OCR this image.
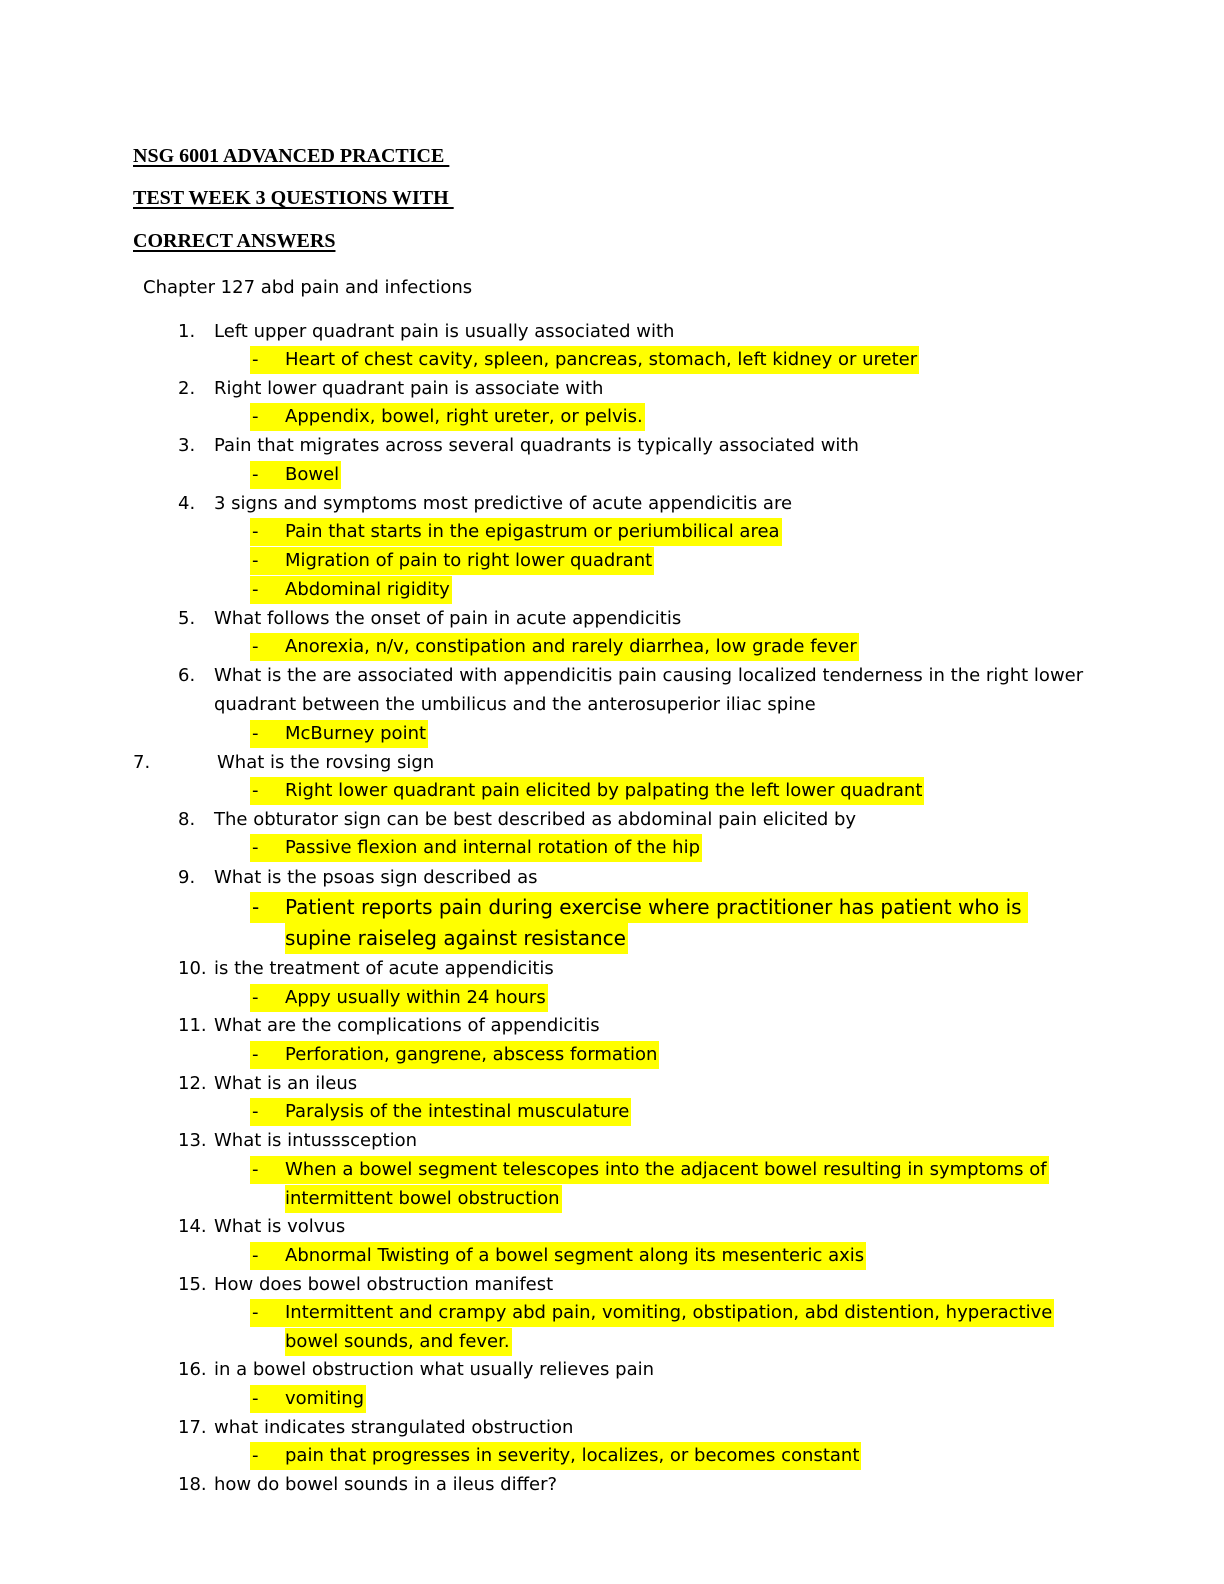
NSG 6001 ADVANCED PRACTICE
TEST WEEK 3 QUESTIONS WITH
CORRECT ANSWERS
Chapter 127 abd pain and infections
1. Left upper quadrant pain is usually associated with
- Heart of chest cavity, spleen, pancreas, stomach, left kidney or ureter
2. Right lower quadrant pain is associate with
- Appendix, bowel, right ureter, or pelvis.
3. Pain that migrates across several quadrants is typically associated with
- Bowel
4. 3 signs and symptoms most predictive of acute appendicitis are
- Pain that starts in the epigastrum or periumbilical area
- Migration of pain to right lower quadrant
- Abdominal rigidity
5. What follows the onset of pain in acute appendicitis
- Anorexia, n/v, constipation and rarely diarrhea, low grade fever
6. What is the are associated with appendicitis pain causing localized tenderness in the right lower
quadrant between the umbilicus and the anterosuperior iliac spine
- McBurney point
7.	What is the rovsing sign
- Right lower quadrant pain elicited by palpating the left lower quadrant
8. The obturator sign can be best described as abdominal pain elicited by
- Passive flexion and internal rotation of the hip
9. What is the psoas sign described as
- Patient reports pain during exercise where practitioner has patient who is
supine raiseleg against resistance
10. is the treatment of acute appendicitis
- Appy usually within 24 hours
11. What are the complications of appendicitis
- Perforation, gangrene, abscess formation
12. What is an ileus
- Paralysis of the intestinal musculature
13. What is intusssception
- When a bowel segment telescopes into the adjacent bowel resulting in symptoms of
intermittent bowel obstruction
14. What is volvus
- Abnormal Twisting of a bowel segment along its mesenteric axis
15. How does bowel obstruction manifest
- Intermittent and crampy abd pain, vomiting, obstipation, abd distention, hyperactive
bowel sounds, and fever.
16. in a bowel obstruction what usually relieves pain
- vomiting
17. what indicates strangulated obstruction
- pain that progresses in severity, localizes, or becomes constant
18. how do bowel sounds in a ileus differ?
